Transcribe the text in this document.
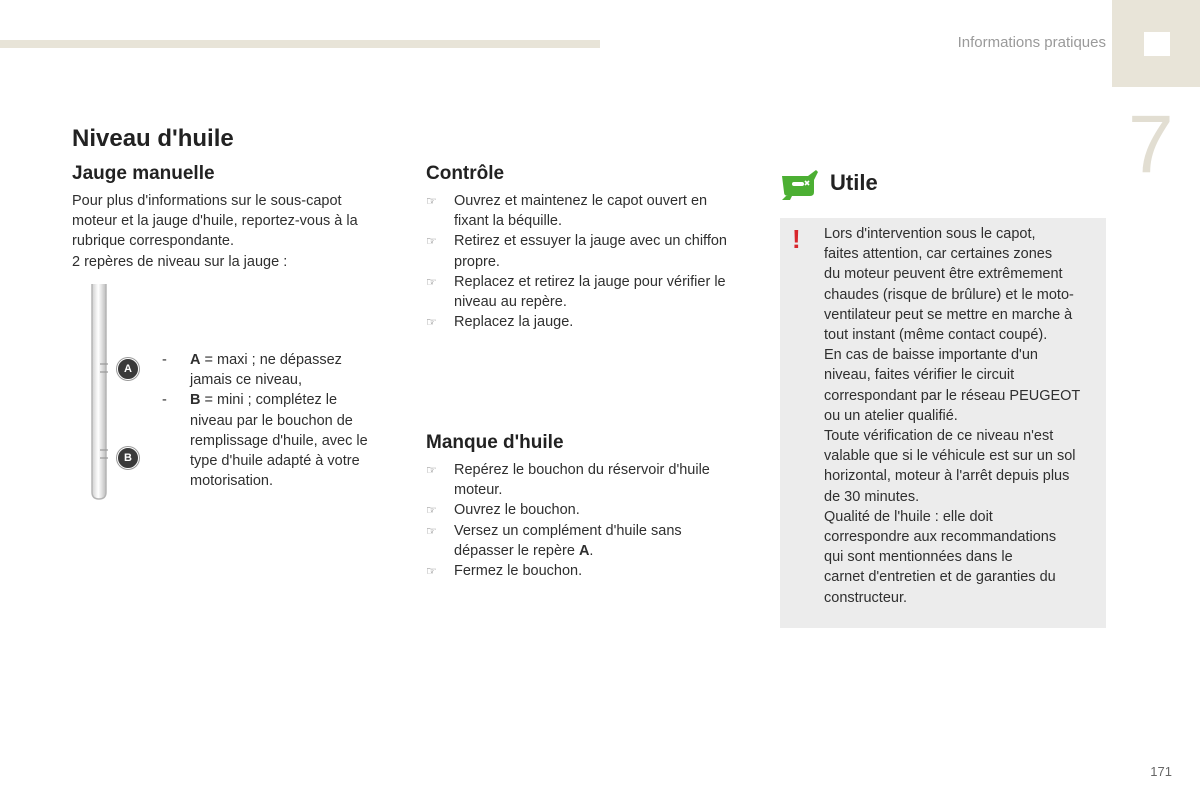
Informations pratiques
7
Niveau d'huile
Jauge manuelle

Pour plus d'informations sur le sous-capot

moteur et la jauge d'huile, reportez-vous à la

rubrique correspondante.

2 repères de niveau sur la jauge :

A
B
- A = maxi ; ne dépassez
jamais ce niveau,
- B = mini ; complétez le
niveau par le bouchon de
remplissage d'huile, avec le
type d'huile adapté à votre
motorisation.
Contrôle
☞ Ouvrez et maintenez le capot ouvert en
fixant la béquille.
☞ Retirez et essuyer la jauge avec un chiffon
propre.
☞ Replacez et retirez la jauge pour vérifier le
niveau au repère.
☞ Replacez la jauge.
Manque d'huile
☞ Repérez le bouchon du réservoir d'huile
moteur.
☞ Ouvrez le bouchon.
☞ Versez un complément d'huile sans
dépasser le repère A.
☞ Fermez le bouchon.
Utile
! Lors d'intervention sous le capot,

faites attention, car certaines zones

du moteur peuvent être extrêmement

chaudes (risque de brûlure) et le moto-

ventilateur peut se mettre en marche à

tout instant (même contact coupé).

En cas de baisse importante d'un

niveau, faites vérifier le circuit

correspondant par le réseau PEUGEOT

ou un atelier qualifié.

Toute vérification de ce niveau n'est

valable que si le véhicule est sur un sol

horizontal, moteur à l'arrêt depuis plus

de 30 minutes.

Qualité de l'huile : elle doit

correspondre aux recommandations

qui sont mentionnées dans le

carnet d'entretien et de garanties du

constructeur.

171
